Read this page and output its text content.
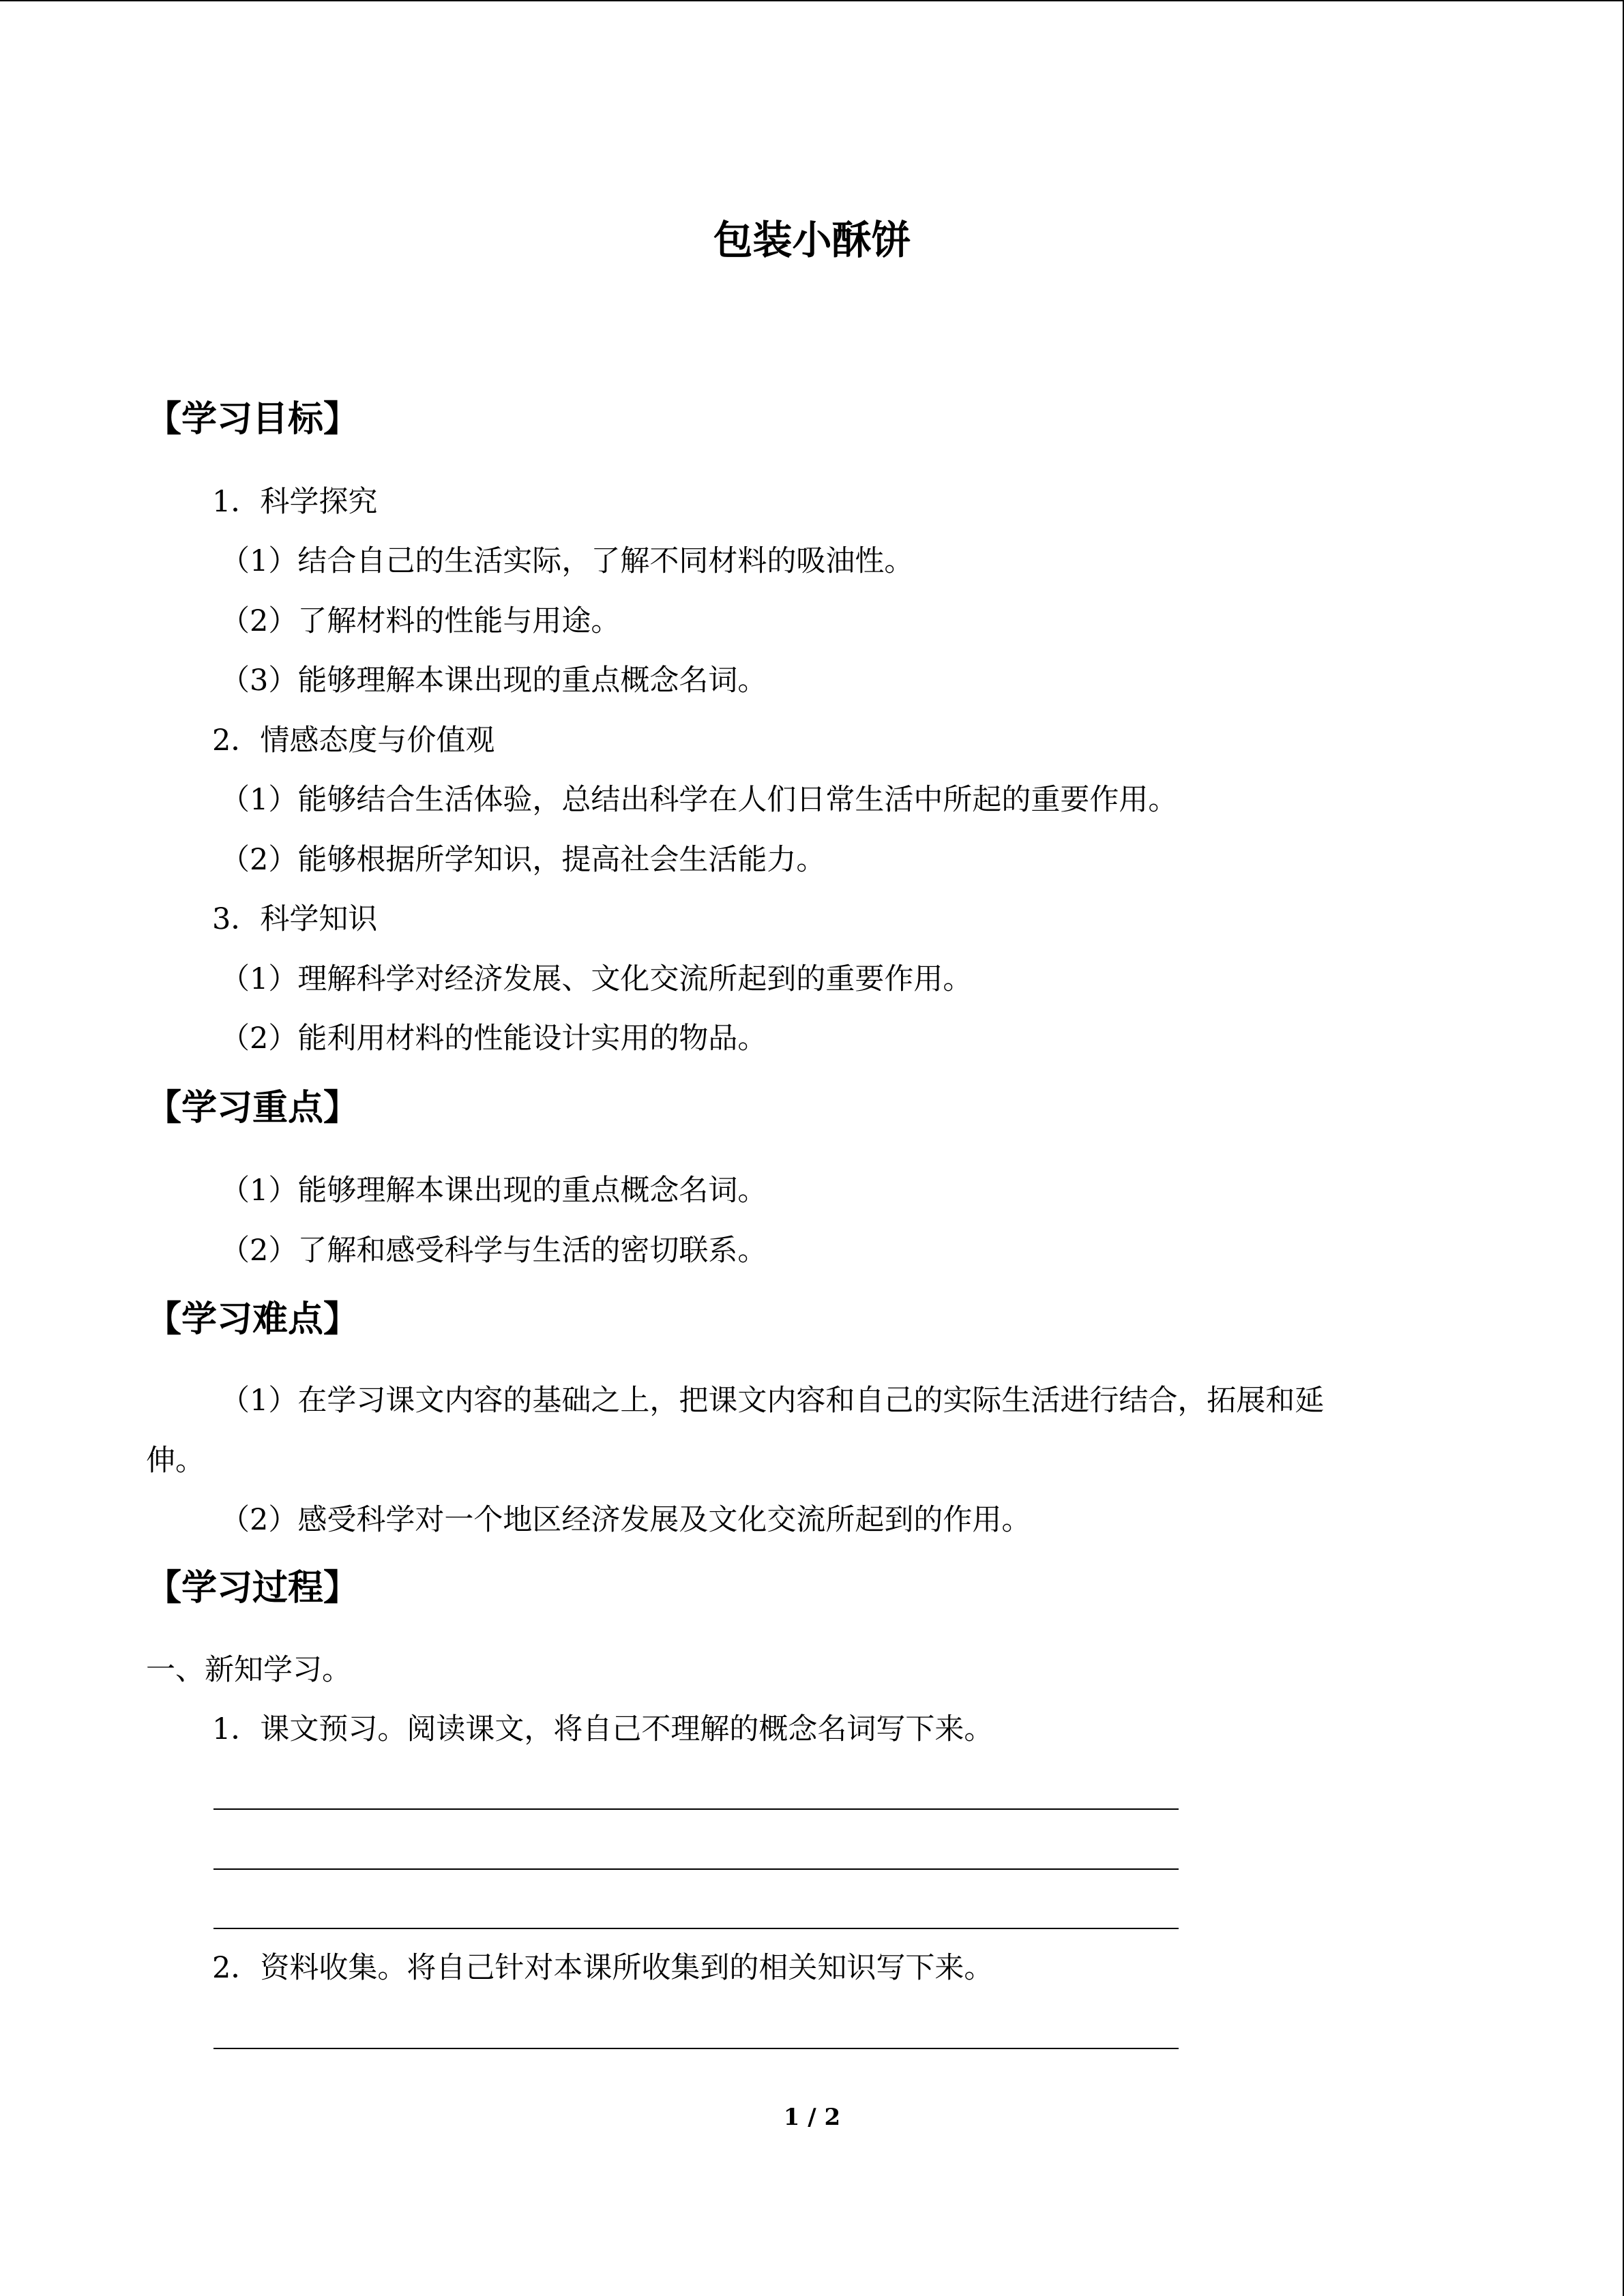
包装小酥饼
【学习目标】
1．科学探究
（1）结合自己的生活实际，了解不同材料的吸油性。
（2）了解材料的性能与用途。
（3）能够理解本课出现的重点概念名词。
2．情感态度与价值观
（1）能够结合生活体验，总结出科学在人们日常生活中所起的重要作用。
（2）能够根据所学知识，提高社会生活能力。
3．科学知识
（1）理解科学对经济发展、文化交流所起到的重要作用。
（2）能利用材料的性能设计实用的物品。
【学习重点】
（1）能够理解本课出现的重点概念名词。
（2）了解和感受科学与生活的密切联系。
【学习难点】
（1）在学习课文内容的基础之上，把课文内容和自己的实际生活进行结合，拓展和延
伸。
（2）感受科学对一个地区经济发展及文化交流所起到的作用。
【学习过程】
一、新知学习。
1．课文预习。阅读课文，将自己不理解的概念名词写下来。
2．资料收集。将自己针对本课所收集到的相关知识写下来。
1 / 2
